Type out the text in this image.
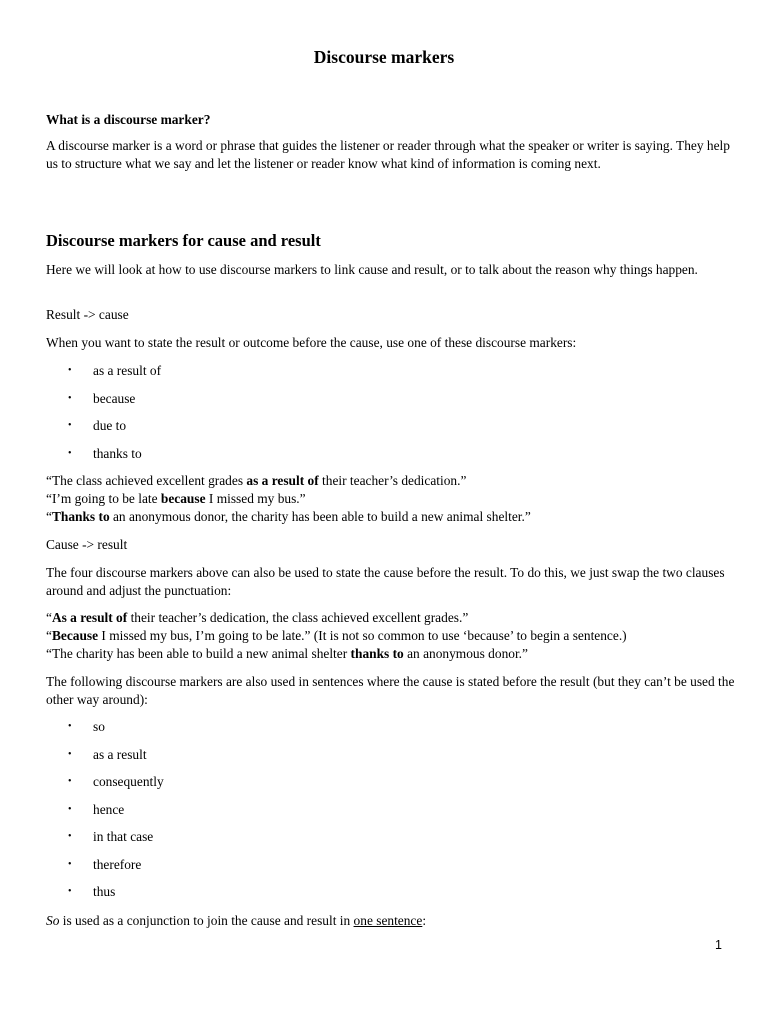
Discourse markers
What is a discourse marker?

A discourse marker is a word or phrase that guides the listener or reader through what the speaker or writer is saying. They help us to structure what we say and let the listener or reader know what kind of information is coming next.

Discourse markers for cause and result

Here we will look at how to use discourse markers to link cause and result, or to talk about the reason why things happen.

Result -> cause

When you want to state the result or outcome before the cause, use one of these discourse markers:

• as a result of
• because
• due to
• thanks to
“The class achieved excellent grades as a result of their teacher’s dedication.”
“I’m going to be late because I missed my bus.”
“Thanks to an anonymous donor, the charity has been able to build a new animal shelter.”

Cause -> result

The four discourse markers above can also be used to state the cause before the result. To do this, we just swap the two clauses around and adjust the punctuation:

“As a result of their teacher’s dedication, the class achieved excellent grades.”
“Because I missed my bus, I’m going to be late.” (It is not so common to use ‘because’ to begin a sentence.)
“The charity has been able to build a new animal shelter thanks to an anonymous donor.”

The following discourse markers are also used in sentences where the cause is stated before the result (but they can’t be used the other way around):

• so
• as a result
• consequently
• hence
• in that case
• therefore
• thus

So is used as a conjunction to join the cause and result in one sentence:

1
